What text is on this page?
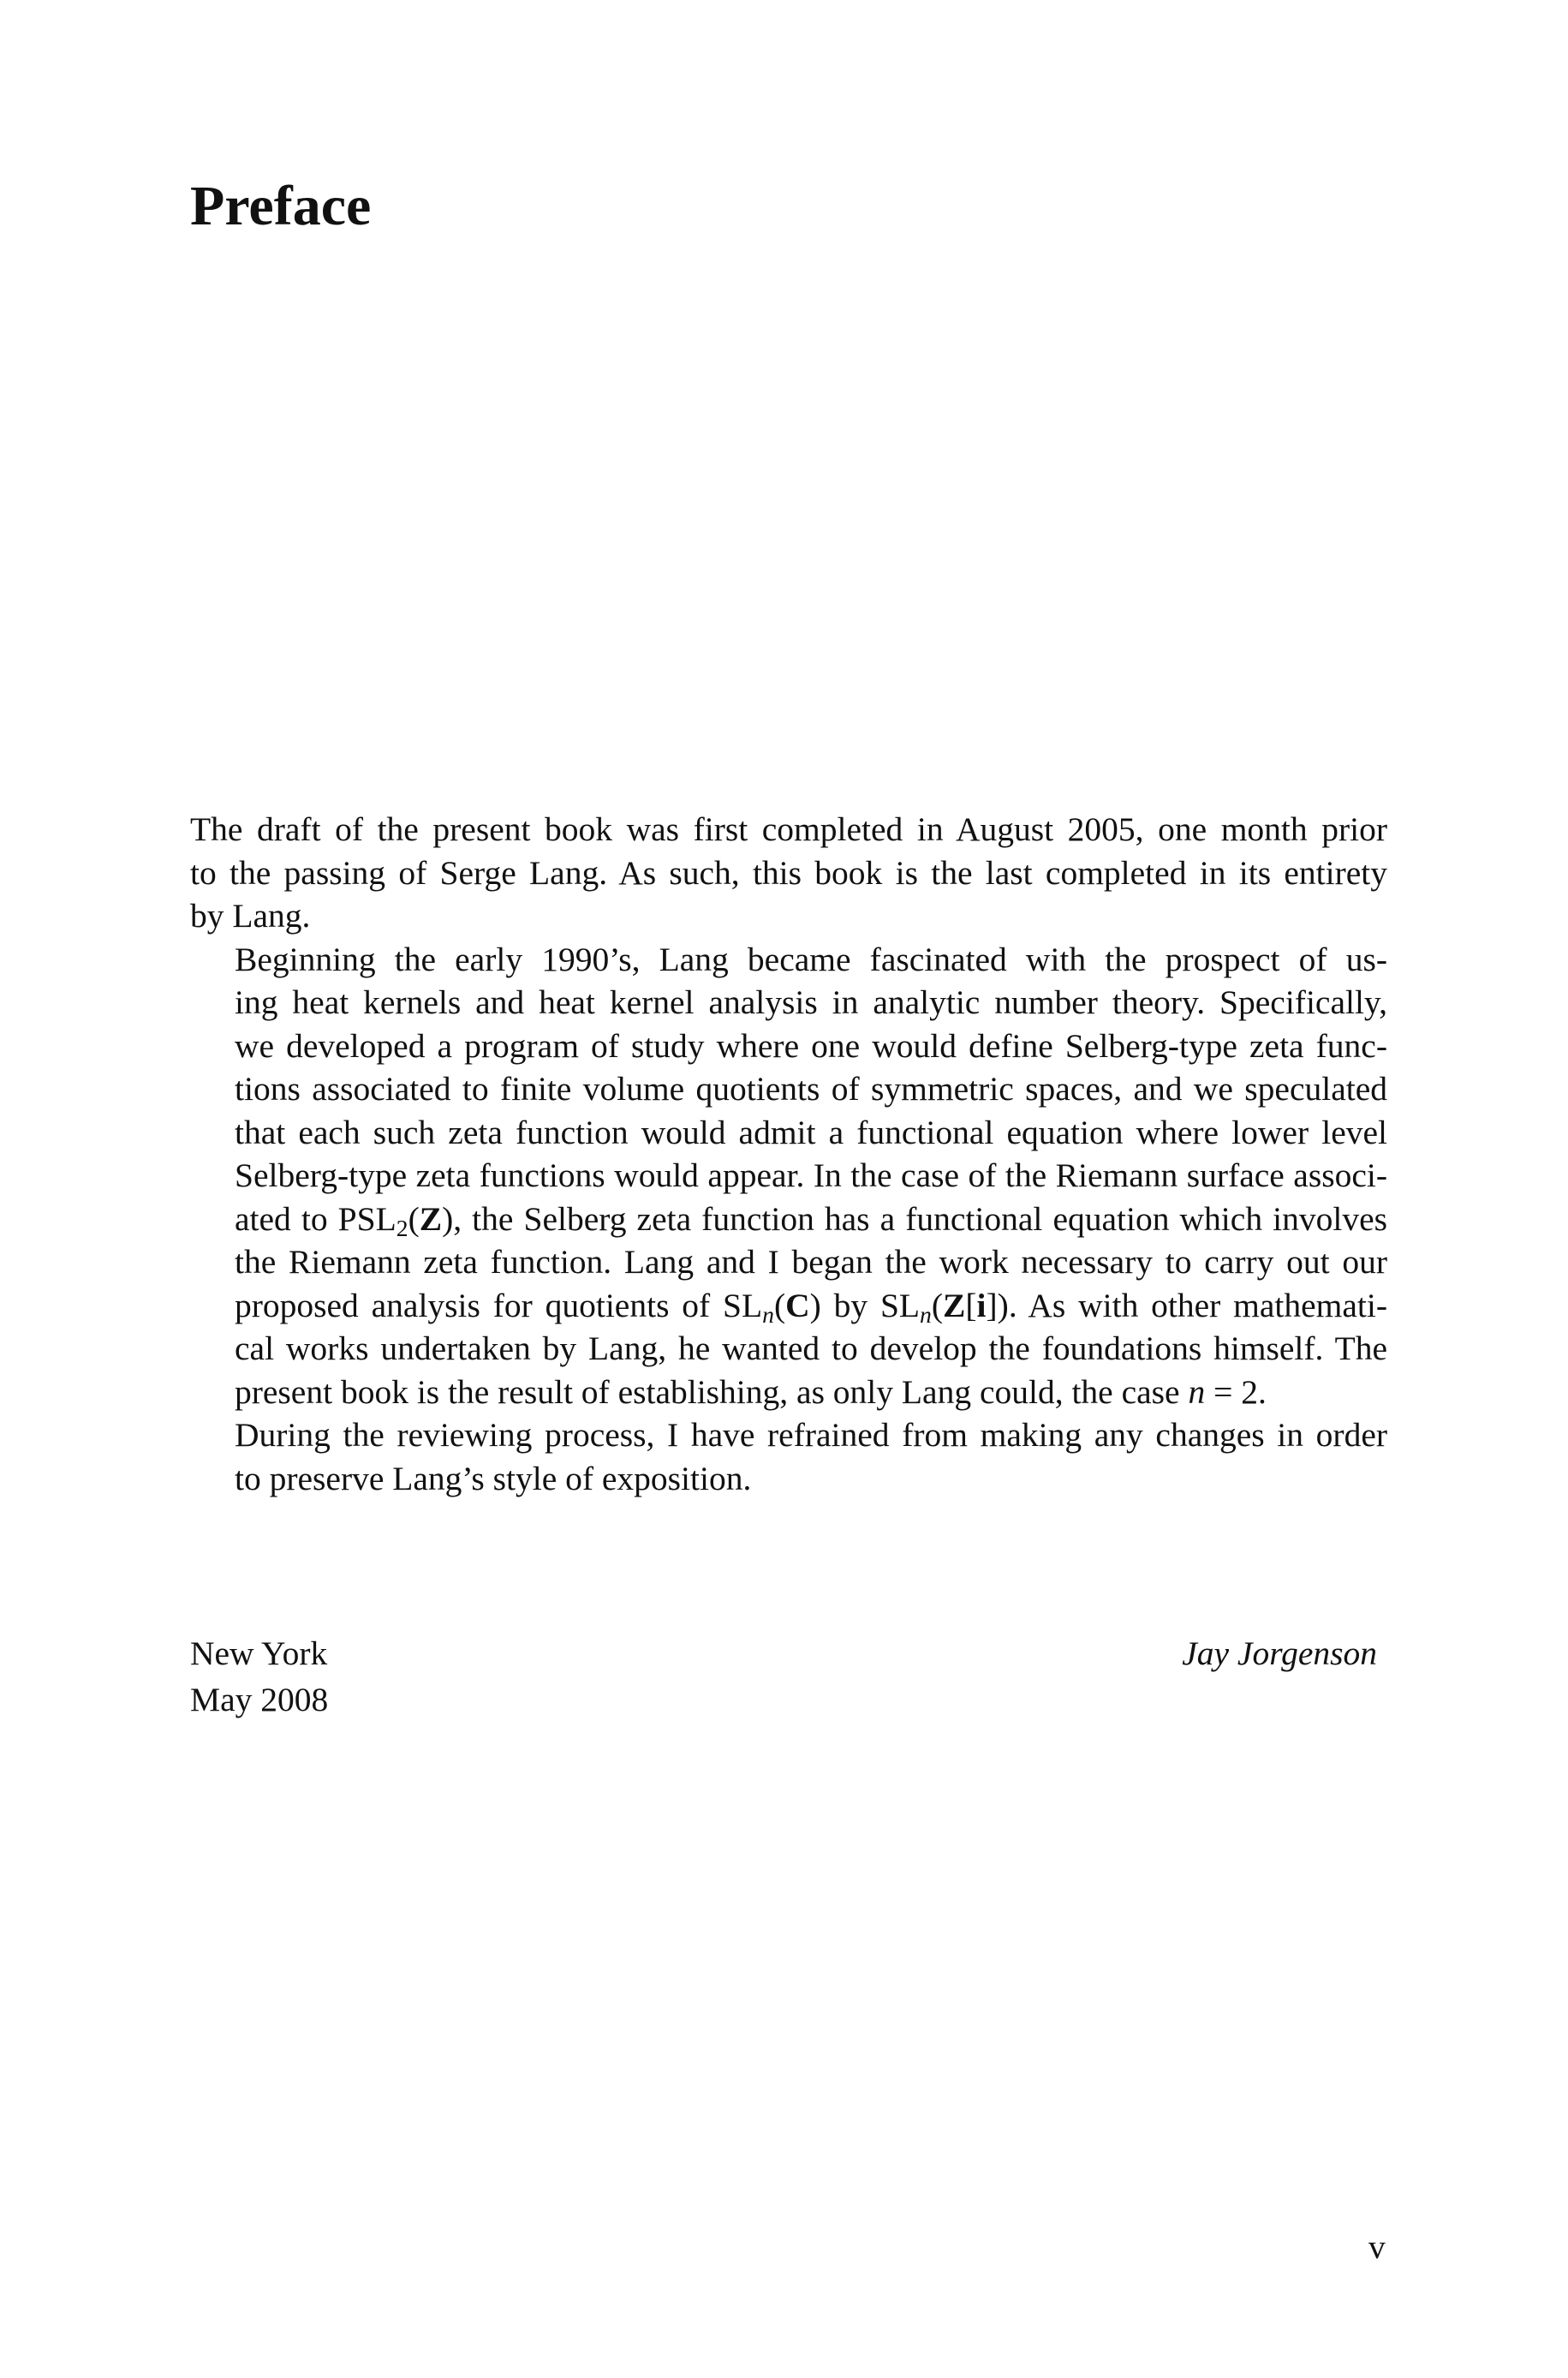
Preface

The draft of the present book was first completed in August 2005, one month prior
to the passing of Serge Lang. As such, this book is the last completed in its entirety
by Lang.

Beginning the early 1990’s, Lang became fascinated with the prospect of us-
ing heat kernels and heat kernel analysis in analytic number theory. Specifically,
we developed a program of study where one would define Selberg-type zeta func-
tions associated to finite volume quotients of symmetric spaces, and we speculated
that each such zeta function would admit a functional equation where lower level
Selberg-type zeta functions would appear. In the case of the Riemann surface associ-
ated to $PSL_2(Z)$, the Selberg zeta function has a functional equation which involves
the Riemann zeta function. Lang and I began the work necessary to carry out our
proposed analysis for quotients of $SL_n(C)$ by $SL_n(Z[i])$. As with other mathemati-
cal works undertaken by Lang, he wanted to develop the foundations himself. The
present book is the result of establishing, as only Lang could, the case n = 2.

During the reviewing process, I have refrained from making any changes in order
to preserve Lang’s style of exposition.

New York
May 2008
Jay Jorgenson
v
